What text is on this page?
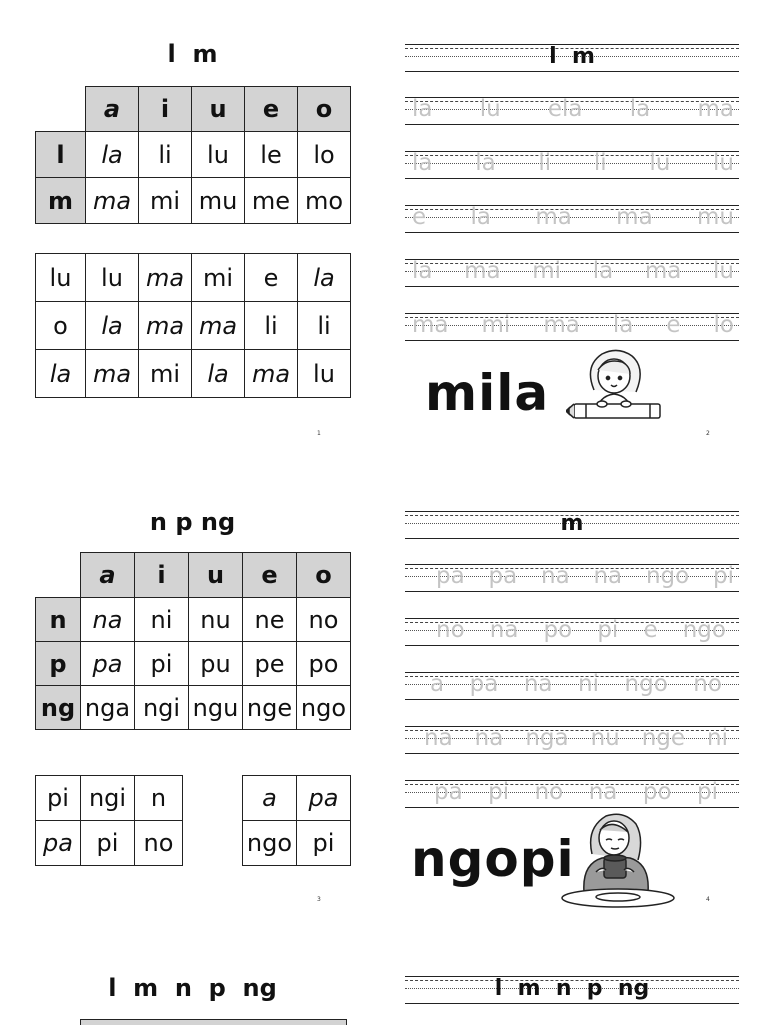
l  m
	a	i	u	e	o
l	la	li	lu	le	lo
m	ma	mi	mu	me	mo
lu	lu	ma	mi	e	la
o	la	ma	ma	li	li
la	ma	mi	la	ma	lu
1
l  m
la lu ela la ma
la la li li lu lu
e la ma ma mu
la ma mi la ma lu
ma mi ma la e lo
mila
2
n p ng
	a	i	u	e	o
n	na	ni	nu	ne	no
p	pa	pi	pu	pe	po
ng	nga	ngi	ngu	nge	ngo
pi	ngi	n
pa	pi	no
a	pa
ngo	pi
3
m
pa pa na na ngo pi
no na po pi e ngo
a pa na ni ngo no
na na nga nu nge ni
pa pi no na po pi
ngopi
4
l  m  n  p  ng	l  m  n  p  ng
